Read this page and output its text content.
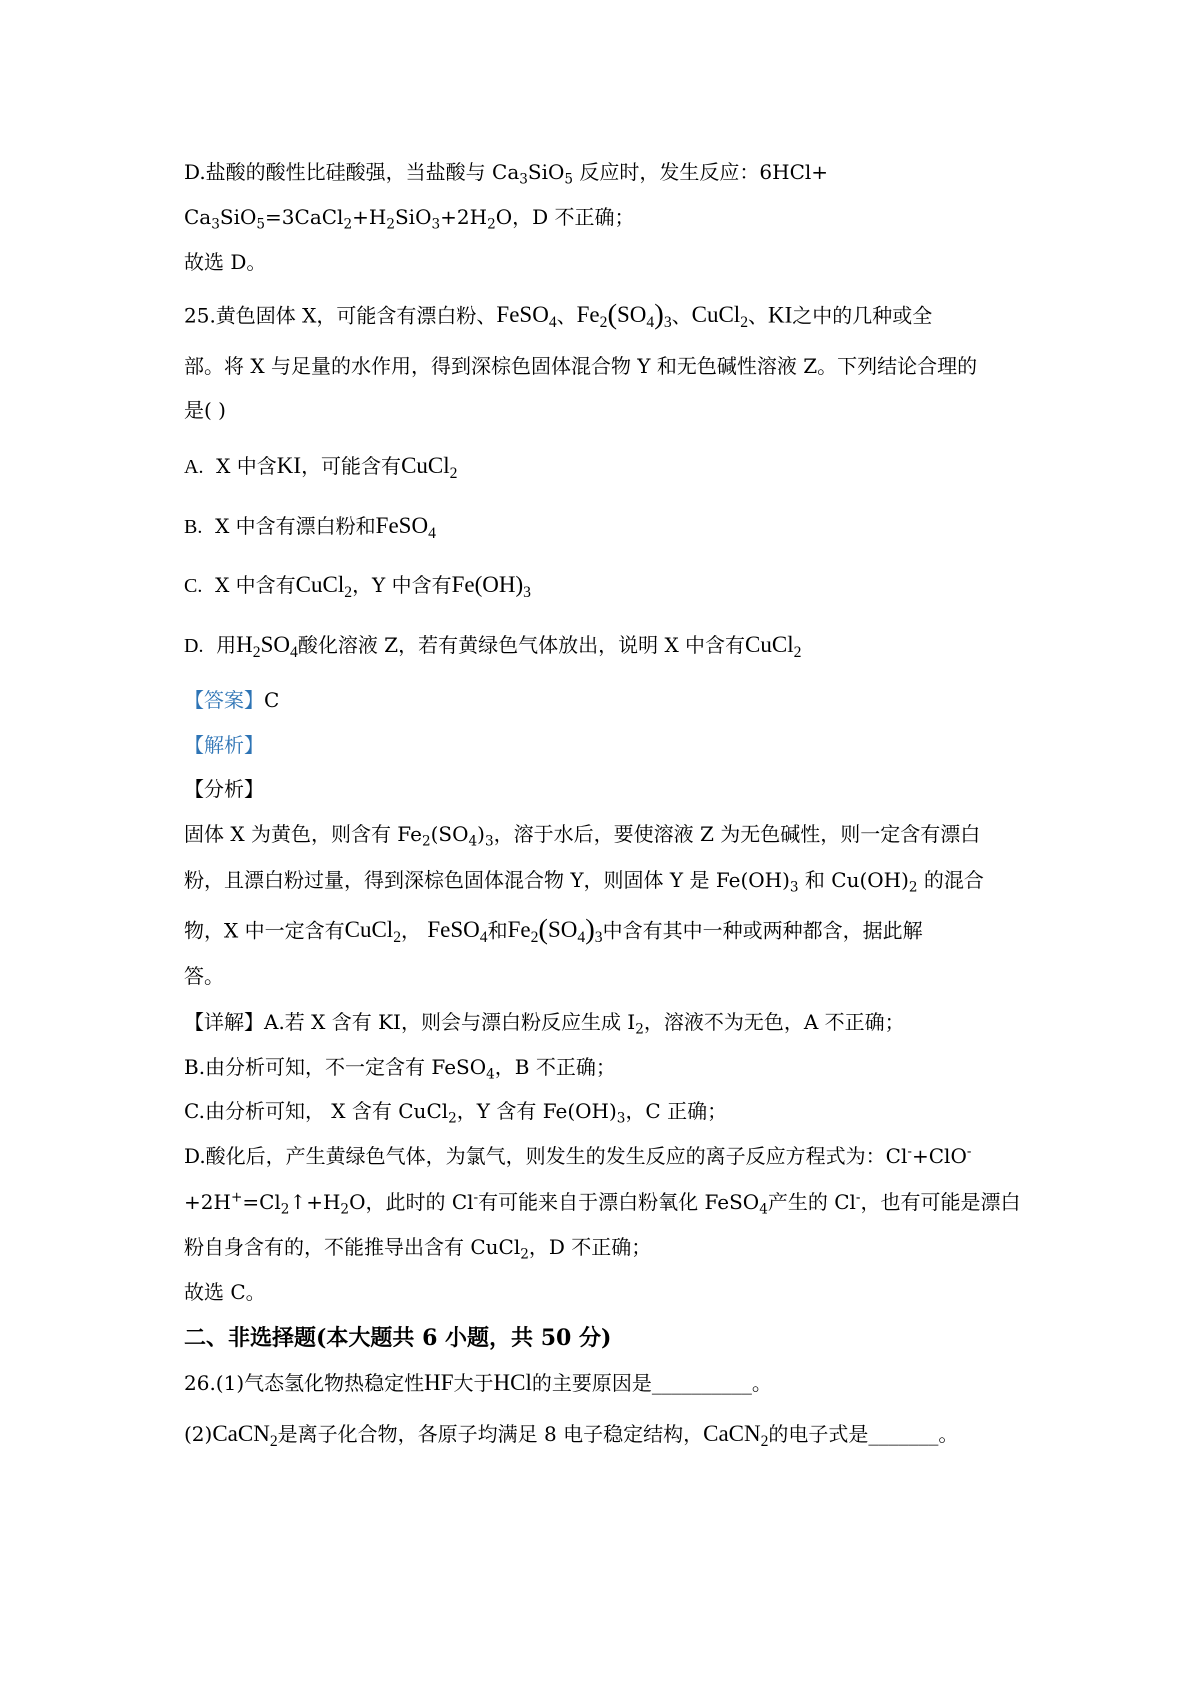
D.盐酸的酸性比硅酸强，当盐酸与 $Ca_3SiO_5$ 反应时，发生反应：6HCl+
$Ca_3SiO_5=3CaCl_2+H_2SiO_3+2H_2O$，D 不正确；
故选 D。
25.黄色固体 X，可能含有漂白粉、FeSO$_4$、$Fe_2(SO_4)_3$、CuCl$_2$、KI之中的几种或全
部。将 X 与足量的水作用，得到深棕色固体混合物 Y 和无色碱性溶液 Z。下列结论合理的
是( )
A. X 中含KI，可能含有CuCl$_2$
B. X 中含有漂白粉和FeSO$_4$
C. X 中含有CuCl$_2$，Y 中含有$Fe(OH)_3$
D. 用$H_2SO_4$酸化溶液 Z，若有黄绿色气体放出，说明 X 中含有CuCl$_2$
【答案】C
【解析】
【分析】
固体 X 为黄色，则含有 $Fe_2(SO_4)_3$，溶于水后，要使溶液 Z 为无色碱性，则一定含有漂白
粉，且漂白粉过量，得到深棕色固体混合物 Y，则固体 Y 是 $Fe(OH)_3$ 和 $Cu(OH)_2$ 的混合
物，X 中一定含有CuCl$_2$， FeSO$_4$和$Fe_2(SO_4)_3$中含有其中一种或两种都含，据此解
答。
【详解】A.若 X 含有 KI，则会与漂白粉反应生成 $I_2$，溶液不为无色，A 不正确；
B.由分析可知，不一定含有 FeSO$_4$，B 不正确；
C.由分析可知， X 含有 CuCl$_2$，Y 含有 $Fe(OH)_3$，C 正确；
D.酸化后，产生黄绿色气体，为氯气，则发生的发生反应的离子反应方程式为：Cl-+ClO-
$+2H^+=Cl_2↑+H_2O$，此时的 Cl-有可能来自于漂白粉氧化 FeSO$_4$产生的 Cl-，也有可能是漂白
粉自身含有的，不能推导出含有 CuCl$_2$，D 不正确；
故选 C。
二、非选择题(本大题共 6 小题，共 50 分)
26.(1)气态氢化物热稳定性HF大于HCl的主要原因是__________。
(2)CaCN$_2$是离子化合物，各原子均满足 8 电子稳定结构，CaCN$_2$的电子式是_______。
